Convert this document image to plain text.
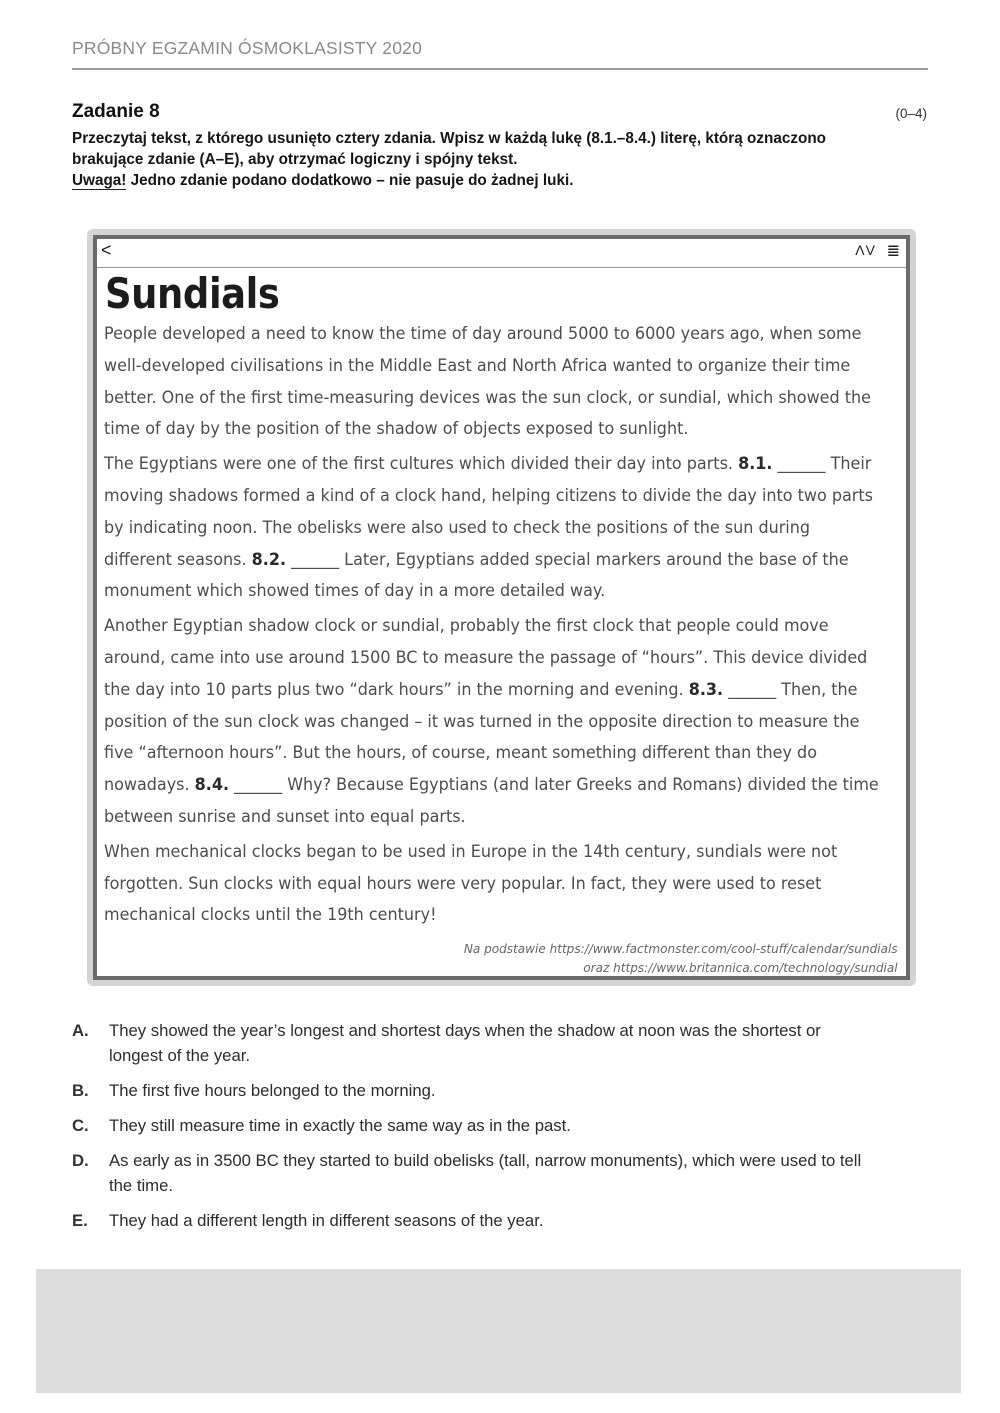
PRÓBNY EGZAMIN ÓSMOKLASISTY 2020
Zadanie 8	(0–4)
Przeczytaj tekst, z którego usunięto cztery zdania. Wpisz w każdą lukę (8.1.–8.4.) literę, którą oznaczono
brakujące zdanie (A–E), aby otrzymać logiczny i spójny tekst.
Uwaga! Jedno zdanie podano dodatkowo – nie pasuje do żadnej luki.
<	ΛV ≣
Sundials
People developed a need to know the time of day around 5000 to 6000 years ago, when some
well-developed civilisations in the Middle East and North Africa wanted to organize their time
better. One of the first time-measuring devices was the sun clock, or sundial, which showed the
time of day by the position of the shadow of objects exposed to sunlight.
The Egyptians were one of the first cultures which divided their day into parts. 8.1. ______ Their
moving shadows formed a kind of a clock hand, helping citizens to divide the day into two parts
by indicating noon. The obelisks were also used to check the positions of the sun during
different seasons. 8.2. ______ Later, Egyptians added special markers around the base of the
monument which showed times of day in a more detailed way.
Another Egyptian shadow clock or sundial, probably the first clock that people could move
around, came into use around 1500 BC to measure the passage of “hours”. This device divided
the day into 10 parts plus two “dark hours” in the morning and evening. 8.3. ______ Then, the
position of the sun clock was changed – it was turned in the opposite direction to measure the
five “afternoon hours”. But the hours, of course, meant something different than they do
nowadays. 8.4. ______ Why? Because Egyptians (and later Greeks and Romans) divided the time
between sunrise and sunset into equal parts.
When mechanical clocks began to be used in Europe in the 14th century, sundials were not
forgotten. Sun clocks with equal hours were very popular. In fact, they were used to reset
mechanical clocks until the 19th century!
Na podstawie https://www.factmonster.com/cool-stuff/calendar/sundials
oraz https://www.britannica.com/technology/sundial
A. They showed the year’s longest and shortest days when the shadow at noon was the shortest or
longest of the year.
B. The first five hours belonged to the morning.
C. They still measure time in exactly the same way as in the past.
D. As early as in 3500 BC they started to build obelisks (tall, narrow monuments), which were used to tell
the time.
E. They had a different length in different seasons of the year.
